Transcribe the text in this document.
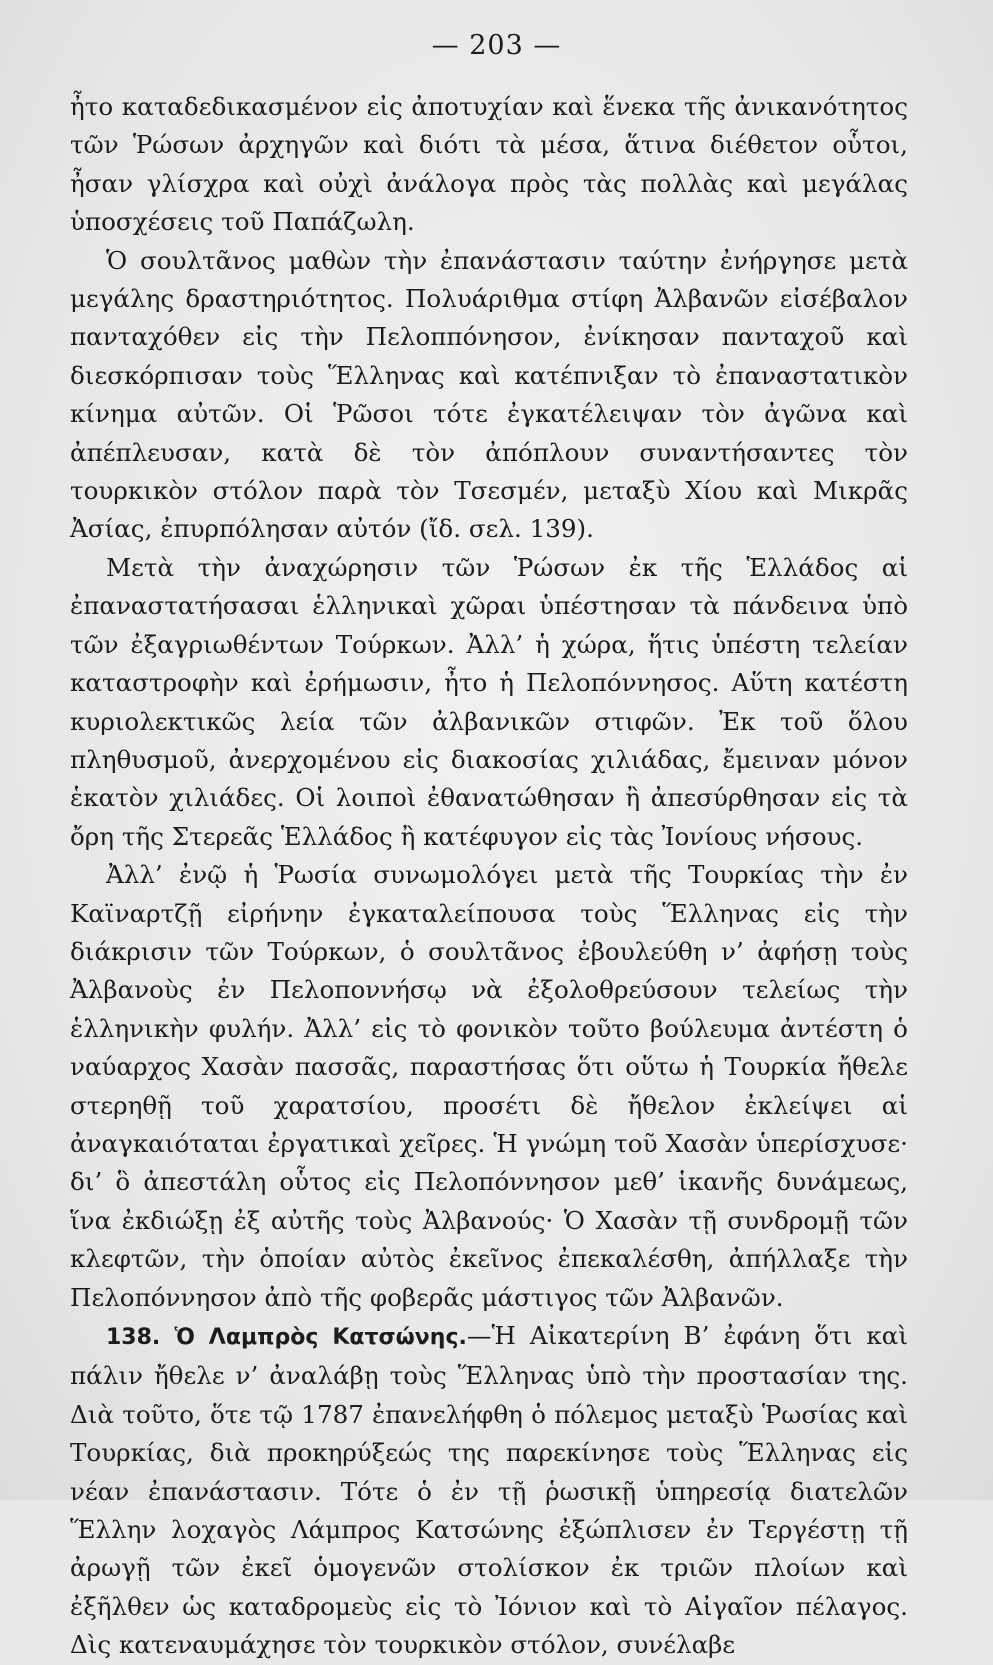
— 203 —

ἦτο καταδεδικασμένον εἰς ἀποτυχίαν καὶ ἕνεκα τῆς ἀνικανότητος τῶν Ῥώσων ἀρχηγῶν καὶ διότι τὰ μέσα, ἅτινα διέθετον οὗτοι, ἦσαν γλίσχρα καὶ οὐχὶ ἀνάλογα πρὸς τὰς πολλὰς καὶ μεγάλας ὑποσχέσεις τοῦ Παπάζωλη.

Ὁ σουλτᾶνος μαθὼν τὴν ἐπανάστασιν ταύτην ἐνήργησε μετὰ μεγάλης δραστηριότητος. Πολυάριθμα στίφη Ἀλβανῶν εἰσέβαλον πανταχόθεν εἰς τὴν Πελοππόνησον, ἐνίκησαν πανταχοῦ καὶ διεσκόρπισαν τοὺς Ἕλληνας καὶ κατέπνιξαν τὸ ἐπαναστατικὸν κίνημα αὐτῶν. Οἱ Ῥῶσοι τότε ἐγκατέλειψαν τὸν ἀγῶνα καὶ ἀπέπλευσαν, κατὰ δὲ τὸν ἀπόπλουν συναντήσαντες τὸν τουρκικὸν στόλον παρὰ τὸν Τσεσμέν, μεταξὺ Χίου καὶ Μικρᾶς Ἀσίας, ἐπυρπόλησαν αὐτόν (ἴδ. σελ. 139).

Μετὰ τὴν ἀναχώρησιν τῶν Ῥώσων ἐκ τῆς Ἑλλάδος αἱ ἐπαναστατήσασαι ἑλληνικαὶ χῶραι ὑπέστησαν τὰ πάνδεινα ὑπὸ τῶν ἐξαγριωθέντων Τούρκων. Ἀλλ’ ἡ χώρα, ἥτις ὑπέστη τελείαν καταστροφὴν καὶ ἐρήμωσιν, ἦτο ἡ Πελοπόννησος. Αὕτη κατέστη κυριολεκτικῶς λεία τῶν ἀλβανικῶν στιφῶν. Ἐκ τοῦ ὅλου πληθυσμοῦ, ἀνερχομένου εἰς διακοσίας χιλιάδας, ἔμειναν μόνον ἑκατὸν χιλιάδες. Οἱ λοιποὶ ἐθανατώθησαν ἢ ἀπεσύρθησαν εἰς τὰ ὄρη τῆς Στερεᾶς Ἑλλάδος ἢ κατέφυγον εἰς τὰς Ἰονίους νήσους.

Ἀλλ’ ἐνῷ ἡ Ῥωσία συνωμολόγει μετὰ τῆς Τουρκίας τὴν ἐν Καϊναρτζῇ εἰρήνην ἐγκαταλείπουσα τοὺς Ἕλληνας εἰς τὴν διάκρισιν τῶν Τούρκων, ὁ σουλτᾶνος ἐβουλεύθη ν’ ἀφήσῃ τοὺς Ἀλβανοὺς ἐν Πελοποννήσῳ νὰ ἐξολοθρεύσουν τελείως τὴν ἑλληνικὴν φυλήν. Ἀλλ’ εἰς τὸ φονικὸν τοῦτο βούλευμα ἀντέστη ὁ ναύαρχος Χασὰν πασσᾶς, παραστήσας ὅτι οὕτω ἡ Τουρκία ἤθελε στερηθῇ τοῦ χαρατσίου, προσέτι δὲ ἤθελον ἐκλείψει αἱ ἀναγκαιόταται ἐργατικαὶ χεῖρες. Ἡ γνώμη τοῦ Χασὰν ὑπερίσχυσε· δι’ ὃ ἀπεστάλη οὗτος εἰς Πελοπόννησον μεθ’ ἱκανῆς δυνάμεως, ἵνα ἐκδιώξῃ ἐξ αὐτῆς τοὺς Ἀλβανούς· Ὁ Χασὰν τῇ συνδρομῇ τῶν κλεφτῶν, τὴν ὁποίαν αὐτὸς ἐκεῖνος ἐπεκαλέσθη, ἀπήλλαξε τὴν Πελοπόννησον ἀπὸ τῆς φοβερᾶς μάστιγος τῶν Ἀλβανῶν.

138. Ὁ Λαμπρὸς Κατσώνης.—Ἡ Αἰκατερίνη Β’ ἐφάνη ὅτι καὶ πάλιν ἤθελε ν’ ἀναλάβῃ τοὺς Ἕλληνας ὑπὸ τὴν προστασίαν της. Διὰ τοῦτο, ὅτε τῷ 1787 ἐπανελήφθη ὁ πόλεμος μεταξὺ Ῥωσίας καὶ Τουρκίας, διὰ προκηρύξεώς της παρεκίνησε τοὺς Ἕλληνας εἰς νέαν ἐπανάστασιν. Τότε ὁ ἐν τῇ ῥωσικῇ ὑπηρεσίᾳ διατελῶν Ἕλλην λοχαγὸς Λάμπρος Κατσώνης ἐξώπλισεν ἐν Τεργέστῃ τῇ ἀρωγῇ τῶν ἐκεῖ ὁμογενῶν στολίσκον ἐκ τριῶν πλοίων καὶ ἐξῆλθεν ὡς καταδρομεὺς εἰς τὸ Ἰόνιον καὶ τὸ Αἰγαῖον πέλαγος. Δὶς κατεναυμάχησε τὸν τουρκικὸν στόλον, συνέλαβε
